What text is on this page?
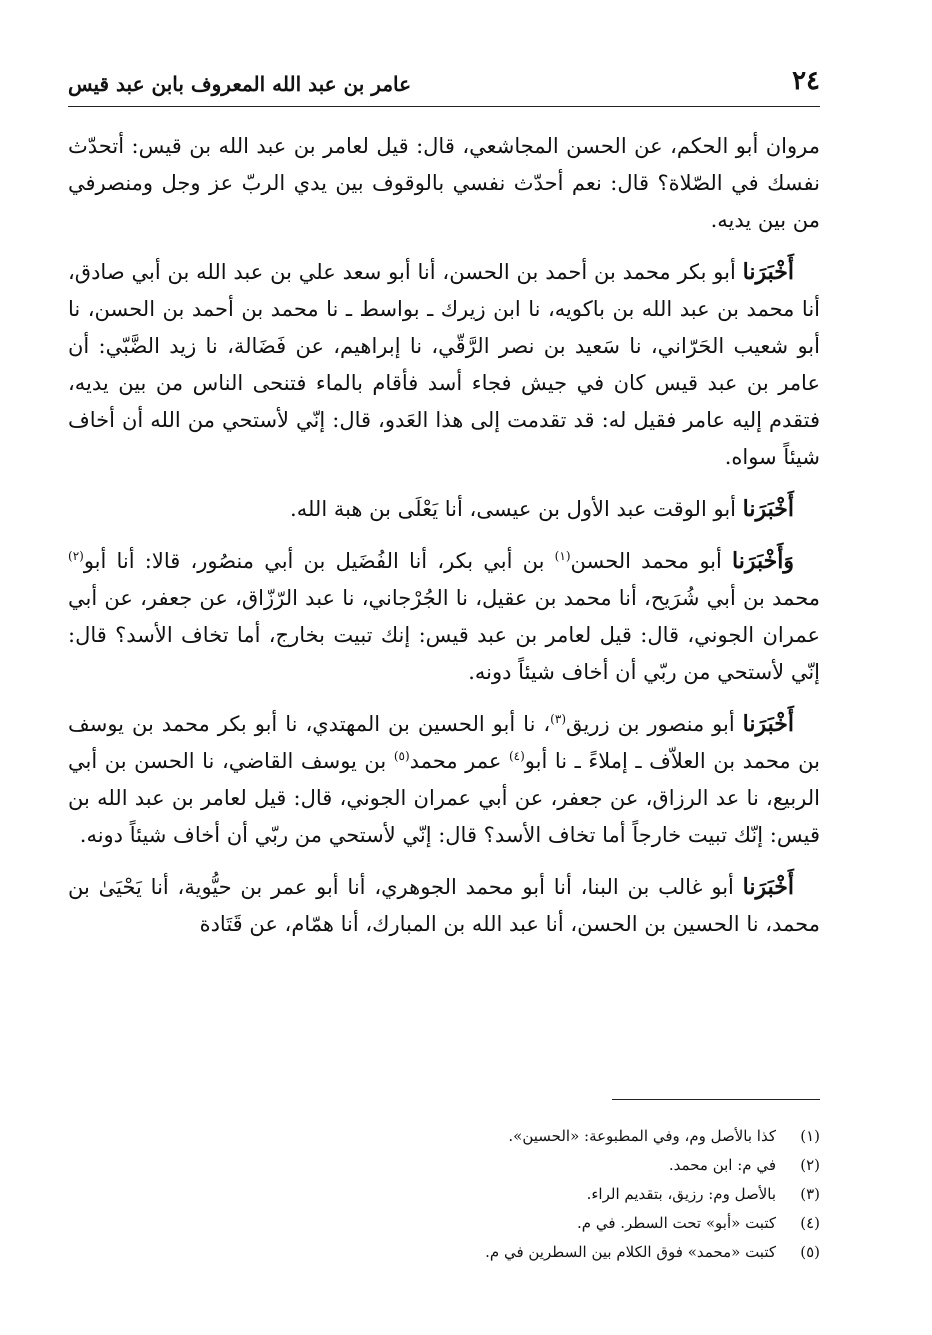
٢٤
عامر بن عبد الله المعروف بابن عبد قيس

مروان أبو الحكم، عن الحسن المجاشعي، قال: قيل لعامر بن عبد الله بن قيس: أتحدّث نفسك في الصّلاة؟ قال: نعم أحدّث نفسي بالوقوف بين يدي الربّ عز وجل ومنصرفي من بين يديه.

أَخْبَرَنا أبو بكر محمد بن أحمد بن الحسن، أنا أبو سعد علي بن عبد الله بن أبي صادق، أنا محمد بن عبد الله بن باكويه، نا ابن زيرك ـ بواسط ـ نا محمد بن أحمد بن الحسن، نا أبو شعيب الحَرّاني، نا سَعيد بن نصر الرَّقّي، نا إبراهيم، عن فَضَالة، نا زيد الضَّبّي: أن عامر بن عبد قيس كان في جيش فجاء أسد فأقام بالماء فتنحى الناس من بين يديه، فتقدم إليه عامر فقيل له: قد تقدمت إلى هذا العَدو، قال: إنّي لأستحي من الله أن أخاف شيئاً سواه.

أَخْبَرَنا أبو الوقت عبد الأول بن عيسى، أنا يَعْلَى بن هبة الله.

وَأَخْبَرَنا أبو محمد الحسن$^{(١)}$ بن أبي بكر، أنا الفُضَيل بن أبي منصُور، قالا: أنا أبو$^{(٢)}$ محمد بن أبي شُرَيح، أنا محمد بن عقيل، نا الجُرْجاني، نا عبد الرّزّاق، عن جعفر، عن أبي عمران الجوني، قال: قيل لعامر بن عبد قيس: إنك تبيت بخارج، أما تخاف الأسد؟ قال: إنّي لأستحي من ربّي أن أخاف شيئاً دونه.

أَخْبَرَنا أبو منصور بن زريق$^{(٣)}$، نا أبو الحسين بن المهتدي، نا أبو بكر محمد بن يوسف بن محمد بن العلاّف ـ إملاءً ـ نا أبو$^{(٤)}$ عمر محمد$^{(٥)}$ بن يوسف القاضي، نا الحسن بن أبي الربيع، نا عد الرزاق، عن جعفر، عن أبي عمران الجوني، قال: قيل لعامر بن عبد الله بن قيس: إنّك تبيت خارجاً أما تخاف الأسد؟ قال: إنّي لأستحي من ربّي أن أخاف شيئاً دونه.

أَخْبَرَنا أبو غالب بن البنا، أنا أبو محمد الجوهري، أنا أبو عمر بن حيُّوية، أنا يَحْيَىٰ بن محمد، نا الحسين بن الحسن، أنا عبد الله بن المبارك، أنا همّام، عن قَتَادة

(١)
كذا بالأصل وم، وفي المطبوعة: «الحسين».
(٢)
في م: ابن محمد.
(٣)
بالأصل وم: رزيق، بتقديم الراء.
(٤)
كتبت «أبو» تحت السطر. في م.
(٥)
كتبت «محمد» فوق الكلام بين السطرين في م.
